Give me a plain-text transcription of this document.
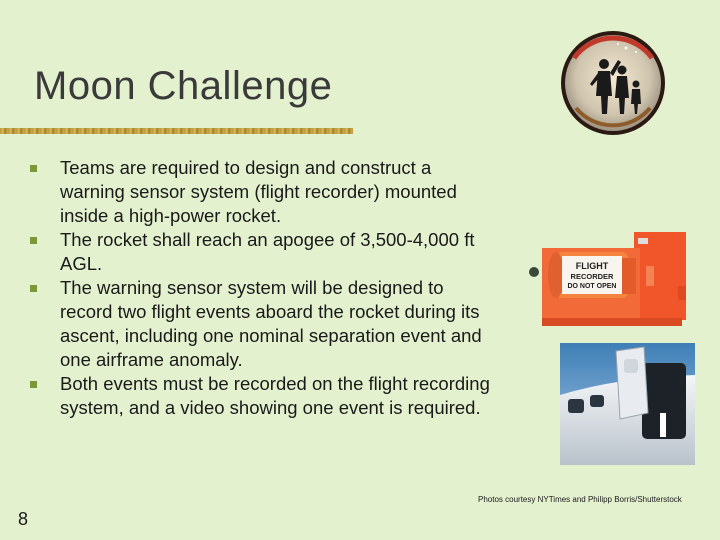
Moon Challenge
Teams are required to design and construct a warning sensor system (flight recorder) mounted inside a high-power rocket.
The rocket shall reach an apogee of 3,500-4,000 ft AGL.
The warning sensor system will be designed to record two flight events aboard the rocket during its ascent, including one nominal separation event and one airframe anomaly.
Both events must be recorded on the flight recording system, and a video showing one event is required.
FLIGHT
RECORDER
DO NOT OPEN
Photos courtesy NYTimes and Philipp Borris/Shutterstock
8
